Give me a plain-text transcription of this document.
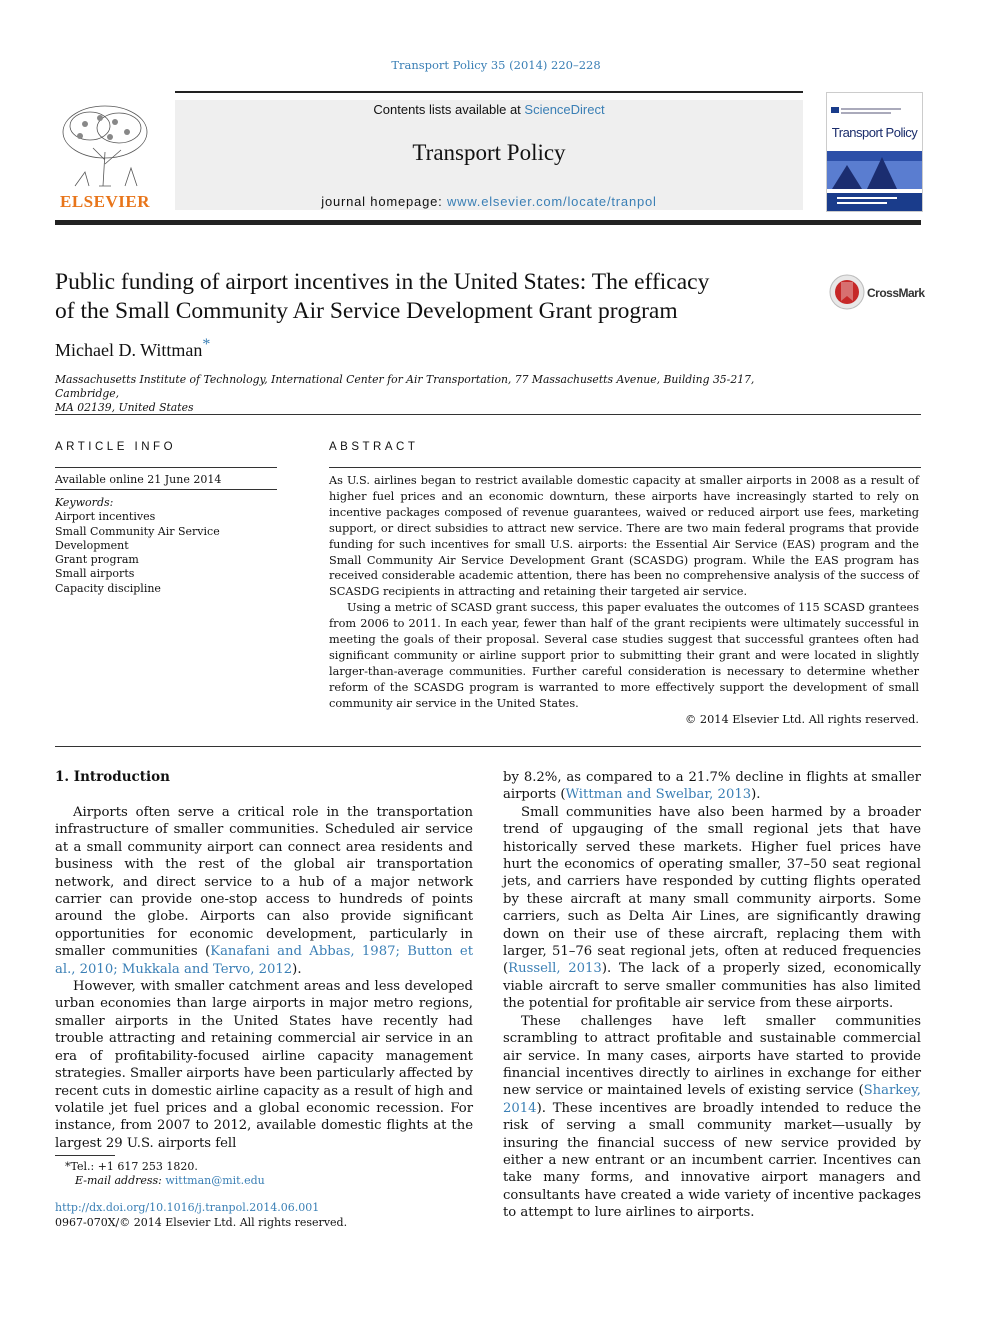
Transport Policy 35 (2014) 220–228
ELSEVIER
Contents lists available at ScienceDirect
Transport Policy
journal homepage: www.elsevier.com/locate/tranpol
Transport Policy
Public funding of airport incentives in the United States: The efficacy
of the Small Community Air Service Development Grant program
CrossMark
Michael D. Wittman*
Massachusetts Institute of Technology, International Center for Air Transportation, 77 Massachusetts Avenue, Building 35-217, Cambridge,
MA 02139, United States
ARTICLE INFO
Available online 21 June 2014
Keywords:
Airport incentives
Small Community Air Service Development
Grant program
Small airports
Capacity discipline
ABSTRACT

As U.S. airlines began to restrict available domestic capacity at smaller airports in 2008 as a result of higher fuel prices and an economic downturn, these airports have increasingly started to rely on incentive packages composed of revenue guarantees, waived or reduced airport use fees, marketing support, or direct subsidies to attract new service. There are two main federal programs that provide funding for such incentives for small U.S. airports: the Essential Air Service (EAS) program and the Small Community Air Service Development Grant (SCASDG) program. While the EAS program has received considerable academic attention, there has been no comprehensive analysis of the success of SCASDG recipients in attracting and retaining their targeted air service.

Using a metric of SCASD grant success, this paper evaluates the outcomes of 115 SCASD grantees from 2006 to 2011. In each year, fewer than half of the grant recipients were ultimately successful in meeting the goals of their proposal. Several case studies suggest that successful grantees often had significant community or airline support prior to submitting their grant and were located in slightly larger-than-average communities. Further careful consideration is necessary to determine whether reform of the SCASDG program is warranted to more effectively support the development of small community air service in the United States.

© 2014 Elsevier Ltd. All rights reserved.
1. Introduction

Airports often serve a critical role in the transportation infrastructure of smaller communities. Scheduled air service at a small community airport can connect area residents and business with the rest of the global air transportation network, and direct service to a hub of a major network carrier can provide one-stop access to hundreds of points around the globe. Airports can also provide significant opportunities for economic development, particularly in smaller communities (Kanafani and Abbas, 1987; Button et al., 2010; Mukkala and Tervo, 2012).

However, with smaller catchment areas and less developed urban economies than large airports in major metro regions, smaller airports in the United States have recently had trouble attracting and retaining commercial air service in an era of profitability-focused airline capacity management strategies. Smaller airports have been particularly affected by recent cuts in domestic airline capacity as a result of high and volatile jet fuel prices and a global economic recession. For instance, from 2007 to 2012, available domestic flights at the largest 29 U.S. airports fell

by 8.2%, as compared to a 21.7% decline in flights at smaller airports (Wittman and Swelbar, 2013).

Small communities have also been harmed by a broader trend of upgauging of the small regional jets that have historically served these markets. Higher fuel prices have hurt the economics of operating smaller, 37–50 seat regional jets, and carriers have responded by cutting flights operated by these aircraft at many small community airports. Some carriers, such as Delta Air Lines, are significantly drawing down on their use of these aircraft, replacing them with larger, 51–76 seat regional jets, often at reduced frequencies (Russell, 2013). The lack of a properly sized, economically viable aircraft to serve smaller communities has also limited the potential for profitable air service from these airports.

These challenges have left smaller communities scrambling to attract profitable and sustainable commercial air service. In many cases, airports have started to provide financial incentives directly to airlines in exchange for either new service or maintained levels of existing service (Sharkey, 2014). These incentives are broadly intended to reduce the risk of serving a small community market—usually by insuring the financial success of new service provided by either a new entrant or an incumbent carrier. Incentives can take many forms, and innovative airport managers and consultants have created a wide variety of incentive packages to attempt to lure airlines to airports.

*Tel.: +1 617 253 1820.
E-mail address: wittman@mit.edu
http://dx.doi.org/10.1016/j.tranpol.2014.06.001
0967-070X/© 2014 Elsevier Ltd. All rights reserved.
